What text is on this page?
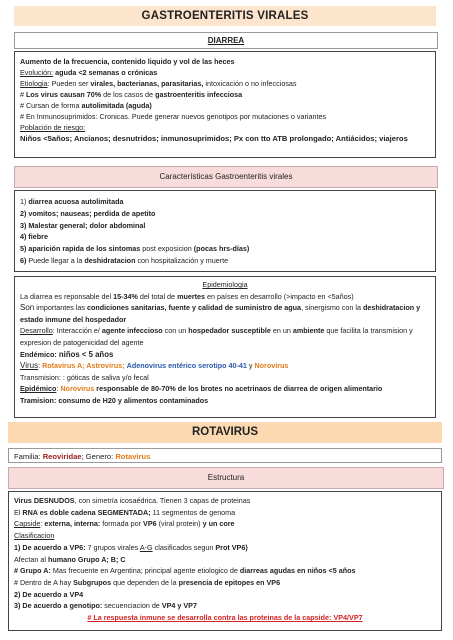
GASTROENTERITIS VIRALES
DIARREA

Aumento de la frecuencia, contenido liquido y vol de las heces

Evolución: aguda <2 semanas o crónicas

Etiologia: Pueden ser virales, bacterianas, parasitarias, intoxicación o no infecciosas

# Los virus causan 70% de los casos de gastroenteritis infecciosa

# Cursan de forma autolimitada (aguda)

# En Inmunosuprimidos: Cronicas. Puede generar nuevos genotipos por mutaciones o variantes

Población de riesgo:

Niños <5años; Ancianos; desnutridos; inmunosuprimidos; Px con tto ATB prolongado; Antiácidos; viajeros

Características Gastroenteritis virales

1) diarrea acuosa autolimitada

2) vomitos; nauseas; perdida de apetito

3) Malestar general; dolor abdominal

4) fiebre

5) aparición rapida de los sintomas post exposicion (pocas hrs-días)

6) Puede llegar a la deshidratacion con hospitalización y muerte

Epidemiologia

La diarrea es reponsable del 15-34% del total de muertes en países en desarrollo (>impacto en <5años)

Son importantes las condiciones sanitarias, fuente y calidad de suministro de agua, sinergismo con la deshidratacion y

estado inmune del hospedador

Desarrollo: Interacción e/ agente infeccioso con un hospedador susceptible en un ambiente que facilita la transmision y

expresion de patogenicidad del agente

Endémico: niños < 5 años

Virus: Rotavirus A; Astrovirus; Adenovirus entérico serotipo 40-41 y Norovirus

Transmision: : góticas de saliva y/o fecal

Epidémico: Norovirus responsable de 80-70% de los brotes no acetrinaos de diarrea de origen alimentario

Tramision: consumo de H20 y alimentos contaminados

ROTAVIRUS
Familia: Reoviridae; Genero: Rotavirus
Estructura

Virus DESNUDOS, con simetría icosaédrica. Tienen 3 capas de proteinas

El RNA es doble cadena SEGMENTADA; 11 segmentos de genoma

Capside: externa, interna: formada por VP6 (viral protein) y un core

Clasificacion

1) De acuerdo a VP6: 7 grupos virales A-G clasificados segun Prot VP6)

Afectan al humano Grupo A; B; C

# Grupo A: Mas frecuente en Argentina; principal agente etiologico de diarreas agudas en niños <5 años

# Dentro de A hay Subgrupos que dependen de la presencia de epitopes en VP6

2) De acuerdo a VP4

3) De acuerdo a genotipo: secuenciacion de VP4 y VP7

# La respuesta inmune se desarrolla contra las proteinas de la capside: VP4/VP7
